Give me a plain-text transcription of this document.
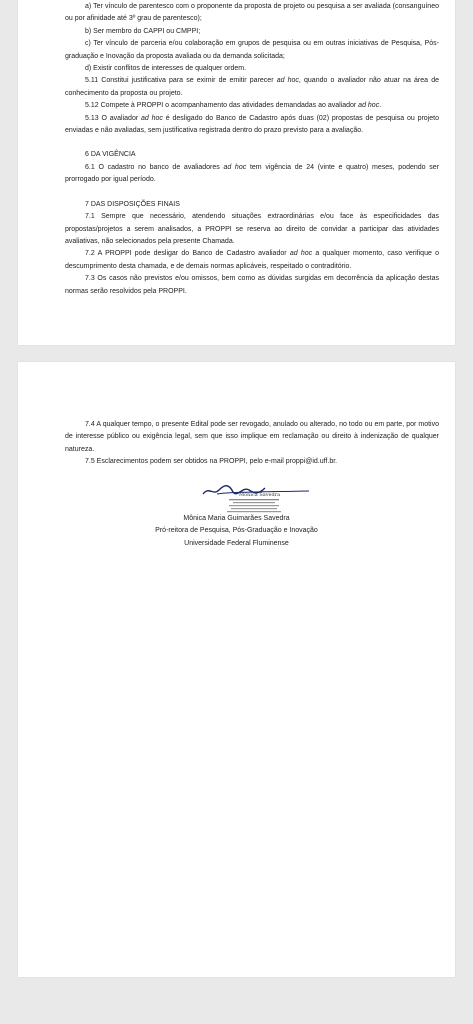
a) Ter vínculo de parentesco com o proponente da proposta de projeto ou pesquisa a ser avaliada (consanguíneo ou por afinidade até 3º grau de parentesco);

b) Ser membro do CAPPI ou CMPPI;

c) Ter vínculo de parceria e/ou colaboração em grupos de pesquisa ou em outras iniciativas de Pesquisa, Pós-graduação e Inovação da proposta avaliada ou da demanda solicitada;

d) Existir conflitos de interesses de qualquer ordem.

5.11 Constitui justificativa para se eximir de emitir parecer ad hoc, quando o avaliador não atuar na área de conhecimento da proposta ou projeto.

5.12 Compete à PROPPI o acompanhamento das atividades demandadas ao avaliador ad hoc.

5.13 O avaliador ad hoc é desligado do Banco de Cadastro após duas (02) propostas de pesquisa ou projeto enviadas e não avaliadas, sem justificativa registrada dentro do prazo previsto para a avaliação.

6 DA VIGÊNCIA

6.1 O cadastro no banco de avaliadores ad hoc tem vigência de 24 (vinte e quatro) meses, podendo ser prorrogado por igual período.

7 DAS DISPOSIÇÕES FINAIS

7.1 Sempre que necessário, atendendo situações extraordinárias e/ou face às especificidades das propostas/projetos a serem analisados, a PROPPI se reserva ao direito de convidar a participar das atividades avaliativas, não selecionados pela presente Chamada.

7.2 A PROPPI pode desligar do Banco de Cadastro avaliador ad hoc a qualquer momento, caso verifique o descumprimento desta chamada, e de demais normas aplicáveis, respeitado o contraditório.

7.3 Os casos não previstos e/ou omissos, bem como as dúvidas surgidas em decorrência da aplicação destas normas serão resolvidos pela PROPPI.

7.4 A qualquer tempo, o presente Edital pode ser revogado, anulado ou alterado, no todo ou em parte, por motivo de interesse público ou exigência legal, sem que isso implique em reclamação ou direito à indenização de qualquer natureza.

7.5 Esclarecimentos podem ser obtidos na PROPPI, pelo e-mail proppi@id.uff.br.

Mônica Savedra
Mônica Maria Guimarães Savedra
Pró-reitora de Pesquisa, Pós-Graduação e Inovação
Universidade Federal Fluminense
